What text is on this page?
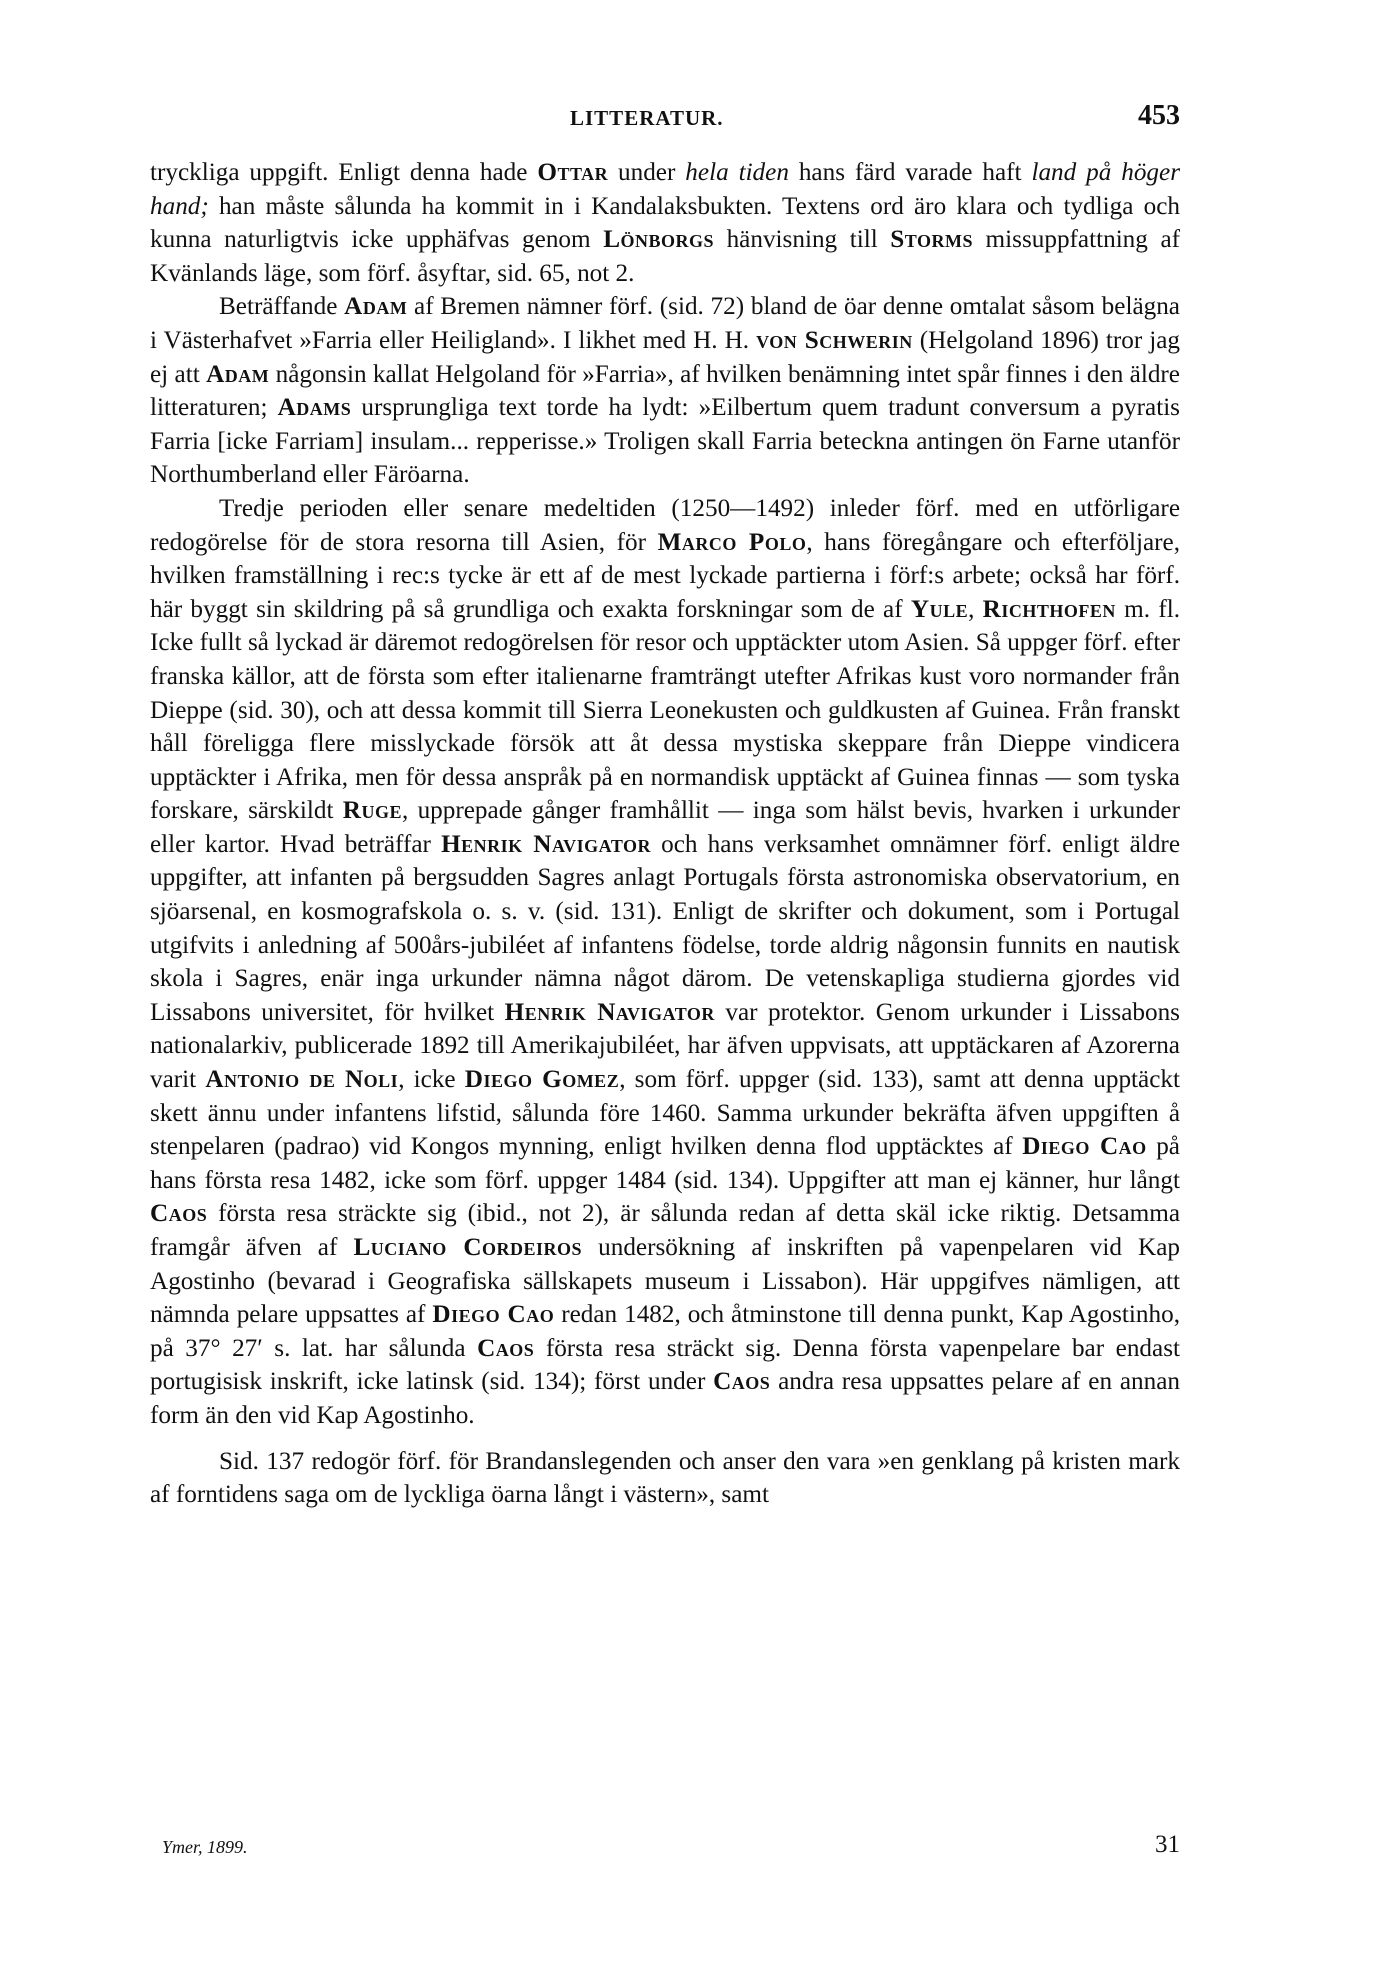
LITTERATUR.	453

tryckliga uppgift. Enligt denna hade Ottar under hela tiden hans färd varade haft land på höger hand; han måste sålunda ha kommit in i Kandalaksbukten. Textens ord äro klara och tydliga och kunna naturligtvis icke upphäfvas genom Lönborgs hänvisning till Storms missuppfattning af Kvänlands läge, som förf. åsyftar, sid. 65, not 2.

Beträffande Adam af Bremen nämner förf. (sid. 72) bland de öar denne omtalat såsom belägna i Västerhafvet »Farria eller Heiligland». I likhet med H. H. von Schwerin (Helgoland 1896) tror jag ej att Adam någonsin kallat Helgoland för »Farria», af hvilken benämning intet spår finnes i den äldre litteraturen; Adams ursprungliga text torde ha lydt: »Eilbertum quem tradunt conversum a pyratis Farria [icke Farriam] insulam... repperisse.» Troligen skall Farria beteckna antingen ön Farne utanför Northumberland eller Färöarna.

Tredje perioden eller senare medeltiden (1250—1492) inleder förf. med en utförligare redogörelse för de stora resorna till Asien, för Marco Polo, hans föregångare och efterföljare, hvilken framställning i rec:s tycke är ett af de mest lyckade partierna i förf:s arbete; också har förf. här byggt sin skildring på så grundliga och exakta forskningar som de af Yule, Richthofen m. fl. Icke fullt så lyckad är däremot redogörelsen för resor och upptäckter utom Asien. Så uppger förf. efter franska källor, att de första som efter italienarne framträngt utefter Afrikas kust voro normander från Dieppe (sid. 30), och att dessa kommit till Sierra Leonekusten och guldkusten af Guinea. Från franskt håll föreligga flere misslyckade försök att åt dessa mystiska skeppare från Dieppe vindicera upptäckter i Afrika, men för dessa anspråk på en normandisk upptäckt af Guinea finnas — som tyska forskare, särskildt Ruge, upprepade gånger framhållit — inga som hälst bevis, hvarken i urkunder eller kartor. Hvad beträffar Henrik Navigator och hans verksamhet omnämner förf. enligt äldre uppgifter, att infanten på bergsudden Sagres anlagt Portugals första astronomiska observatorium, en sjöarsenal, en kosmografskola o. s. v. (sid. 131). Enligt de skrifter och dokument, som i Portugal utgifvits i anledning af 500års-jubiléet af infantens födelse, torde aldrig någonsin funnits en nautisk skola i Sagres, enär inga urkunder nämna något därom. De vetenskapliga studierna gjordes vid Lissabons universitet, för hvilket Henrik Navigator var protektor. Genom urkunder i Lissabons nationalarkiv, publicerade 1892 till Amerikajubiléet, har äfven uppvisats, att upptäckaren af Azorerna varit Antonio de Noli, icke Diego Gomez, som förf. uppger (sid. 133), samt att denna upptäckt skett ännu under infantens lifstid, sålunda före 1460. Samma urkunder bekräfta äfven uppgiften å stenpelaren (padrao) vid Kongos mynning, enligt hvilken denna flod upptäcktes af Diego Cao på hans första resa 1482, icke som förf. uppger 1484 (sid. 134). Uppgifter att man ej känner, hur långt Caos första resa sträckte sig (ibid., not 2), är sålunda redan af detta skäl icke riktig. Detsamma framgår äfven af Luciano Cordeiros undersökning af inskriften på vapenpelaren vid Kap Agostinho (bevarad i Geografiska sällskapets museum i Lissabon). Här uppgifves nämligen, att nämnda pelare uppsattes af Diego Cao redan 1482, och åtminstone till denna punkt, Kap Agostinho, på 37° 27′ s. lat. har sålunda Caos första resa sträckt sig. Denna första vapenpelare bar endast portugisisk inskrift, icke latinsk (sid. 134); först under Caos andra resa uppsattes pelare af en annan form än den vid Kap Agostinho.

Sid. 137 redogör förf. för Brandanslegenden och anser den vara »en genklang på kristen mark af forntidens saga om de lyckliga öarna långt i västern», samt

Ymer, 1899.	31
